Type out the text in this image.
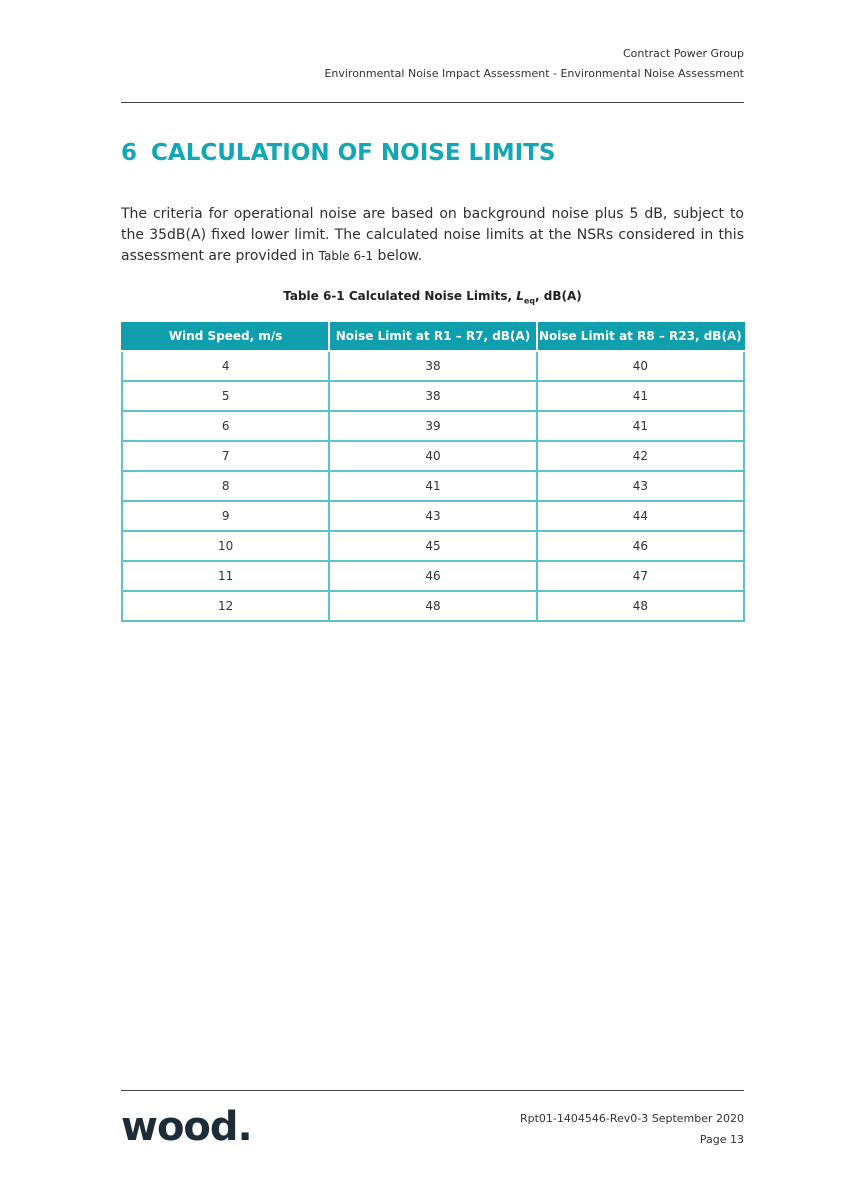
Contract Power Group
Environmental Noise Impact Assessment - Environmental Noise Assessment
6 CALCULATION OF NOISE LIMITS

The criteria for operational noise are based on background noise plus 5 dB, subject to the 35dB(A) fixed lower limit. The calculated noise limits at the NSRs considered in this assessment are provided in Table 6-1 below.

Table 6-1 Calculated Noise Limits, $L_{eq}$, dB(A)
Wind Speed, m/s	Noise Limit at R1 – R7, dB(A)	Noise Limit at R8 – R23, dB(A)
4	38	40
5	38	41
6	39	41
7	40	42
8	41	43
9	43	44
10	45	46
11	46	47
12	48	48
wood.	Rpt01-1404546-Rev0-3 September 2020
Page 13
